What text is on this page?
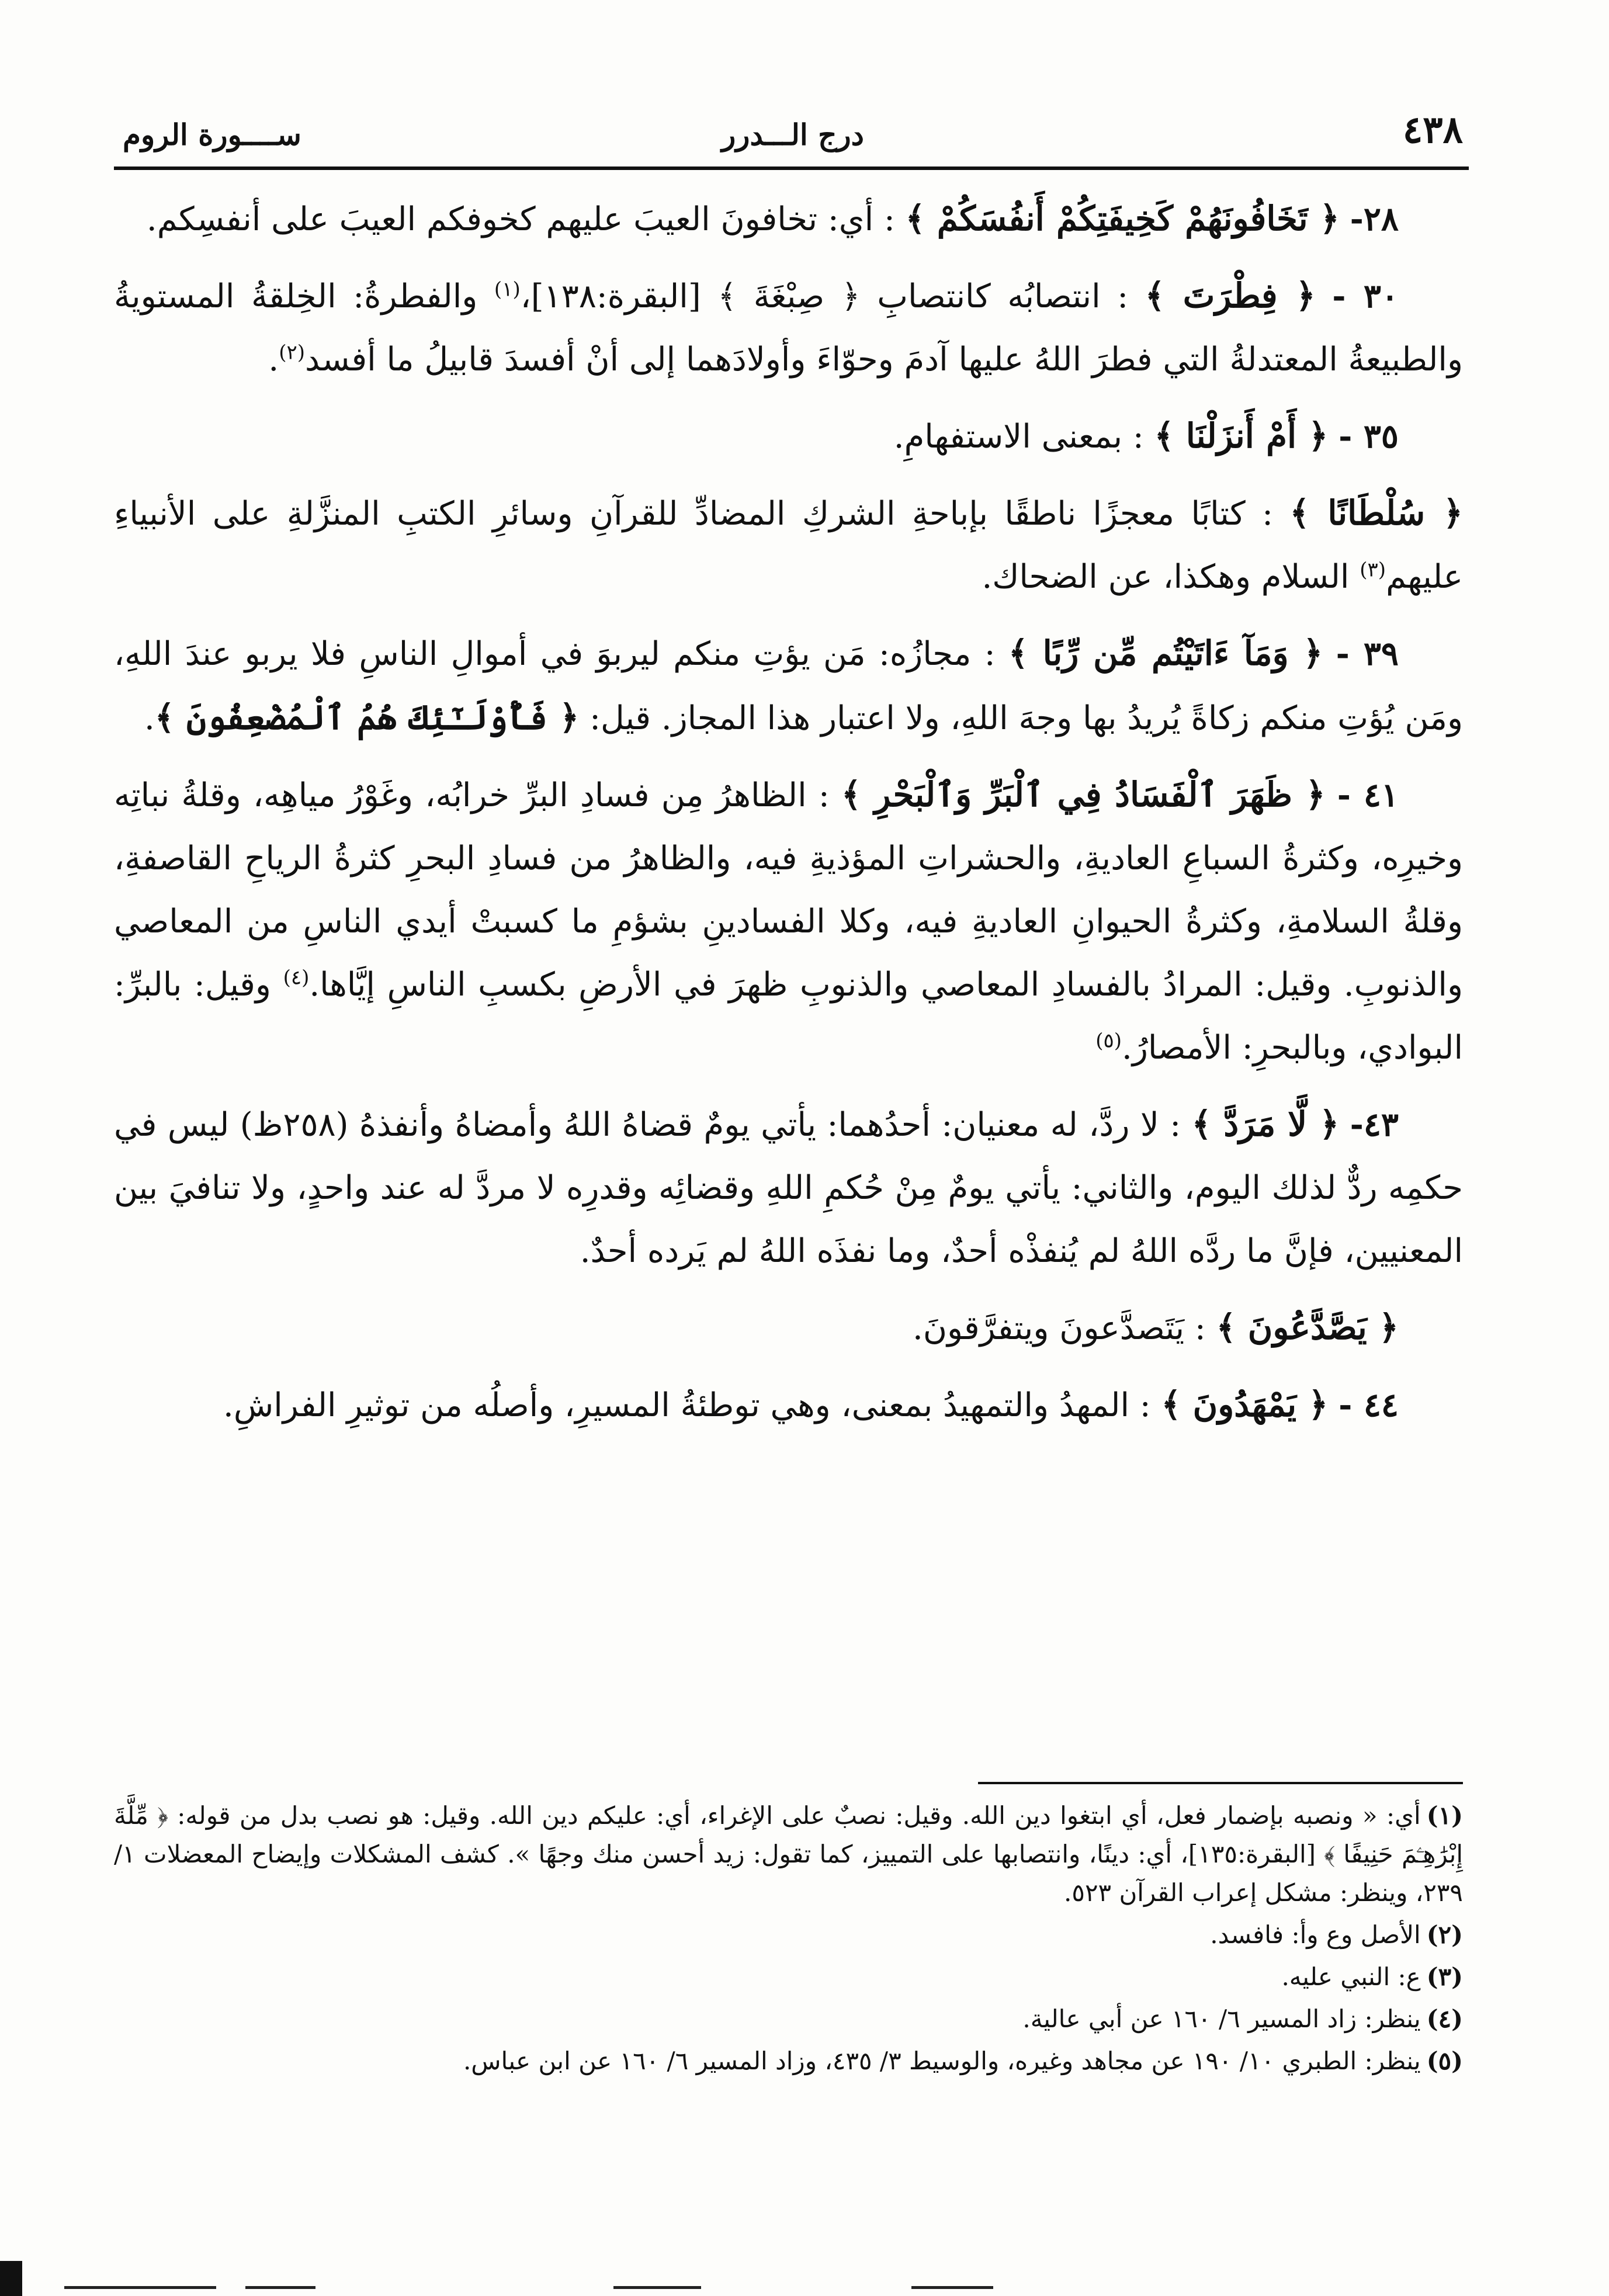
٤٣٨
درج الـــدرر
ســــورة الروم

٢٨- ﴿ تَخَافُونَهُمْ كَخِيفَتِكُمْ أَنفُسَكُمْ ﴾ : أي: تخافونَ العيبَ عليهم كخوفكم العيبَ على أنفسِكم.

٣٠ - ﴿ فِطْرَتَ ﴾ : انتصابُه كانتصابِ ﴿ صِبْغَةَ ﴾ [البقرة:١٣٨]،$^{(١)}$ والفطرةُ: الخِلقةُ المستويةُ والطبيعةُ المعتدلةُ التي فطرَ اللهُ عليها آدمَ وحوّاءَ وأولادَهما إلى أنْ أفسدَ قابيلُ ما أفسد$^{(٢)}$.

٣٥ - ﴿ أَمْ أَنزَلْنَا ﴾ : بمعنى الاستفهامِ.

﴿ سُلْطَانًا ﴾ : كتابًا معجزًا ناطقًا بإباحةِ الشركِ المضادِّ للقرآنِ وسائرِ الكتبِ المنزَّلةِ على الأنبياءِ عليهم$^{(٣)}$ السلام وهكذا، عن الضحاك.

٣٩ - ﴿ وَمَآ ءَاتَيْتُم مِّن رِّبًا ﴾ : مجازُه: مَن يؤتِ منكم ليربوَ في أموالِ الناسِ فلا يربو عندَ اللهِ، ومَن يُؤتِ منكم زكاةً يُريدُ بها وجهَ اللهِ، ولا اعتبار هذا المجاز. قيل: ﴿ فَأُوْلَـٰٓئِكَ هُمُ ٱلْمُضْعِفُونَ ﴾.

٤١ - ﴿ ظَهَرَ ٱلْفَسَادُ فِي ٱلْبَرِّ وَٱلْبَحْرِ ﴾ : الظاهرُ مِن فسادِ البرِّ خرابُه، وغَوْرُ مياهِه، وقلةُ نباتِه وخيرِه، وكثرةُ السباعِ العاديةِ، والحشراتِ المؤذيةِ فيه، والظاهرُ من فسادِ البحرِ كثرةُ الرياحِ القاصفةِ، وقلةُ السلامةِ، وكثرةُ الحيوانِ العاديةِ فيه، وكلا الفسادينِ بشؤمِ ما كسبتْ أيدي الناسِ من المعاصي والذنوبِ. وقيل: المرادُ بالفسادِ المعاصي والذنوبِ ظهرَ في الأرضِ بكسبِ الناسِ إيَّاها.$^{(٤)}$ وقيل: بالبرِّ: البوادي، وبالبحرِ: الأمصارُ.$^{(٥)}$

٤٣- ﴿ لَّا مَرَدَّ ﴾ : لا ردَّ، له معنيان: أحدُهما: يأتي يومٌ قضاهُ اللهُ وأمضاهُ وأنفذهُ (٢٥٨ظ) ليس في حكمِه ردٌّ لذلك اليوم، والثاني: يأتي يومٌ مِنْ حُكمِ اللهِ وقضائِه وقدرِه لا مردَّ له عند واحدٍ، ولا تنافيَ بين المعنيين، فإنَّ ما ردَّه اللهُ لم يُنفذْه أحدٌ، وما نفذَه اللهُ لم يَرده أحدٌ.

﴿ يَصَّدَّعُونَ ﴾ : يَتَصدَّعونَ ويتفرَّقونَ.

٤٤ - ﴿ يَمْهَدُونَ ﴾ : المهدُ والتمهيدُ بمعنى، وهي توطئةُ المسيرِ، وأصلُه من توثيرِ الفراشِ.

(١)أي: « ونصبه بإضمار فعل، أي ابتغوا دين الله. وقيل: نصبٌ على الإغراء، أي: عليكم دين الله. وقيل: هو نصب بدل من قوله: ﴿ مِّلَّةَ إِبْرَٰهِـۧمَ حَنِيفًا ﴾ [البقرة:١٣٥]، أي: دينًا، وانتصابها على التمييز، كما تقول: زيد أحسن منك وجهًا ». كشف المشكلات وإيضاح المعضلات ١/ ٢٣٩، وينظر: مشكل إعراب القرآن ٥٢٣.

(٢)الأصل وع وأ: فافسد.

(٣)ع: النبي عليه.

(٤)ينظر: زاد المسير ٦/ ١٦٠ عن أبي عالية.

(٥)ينظر: الطبري ١٠/ ١٩٠ عن مجاهد وغيره، والوسيط ٣/ ٤٣٥، وزاد المسير ٦/ ١٦٠ عن ابن عباس.
